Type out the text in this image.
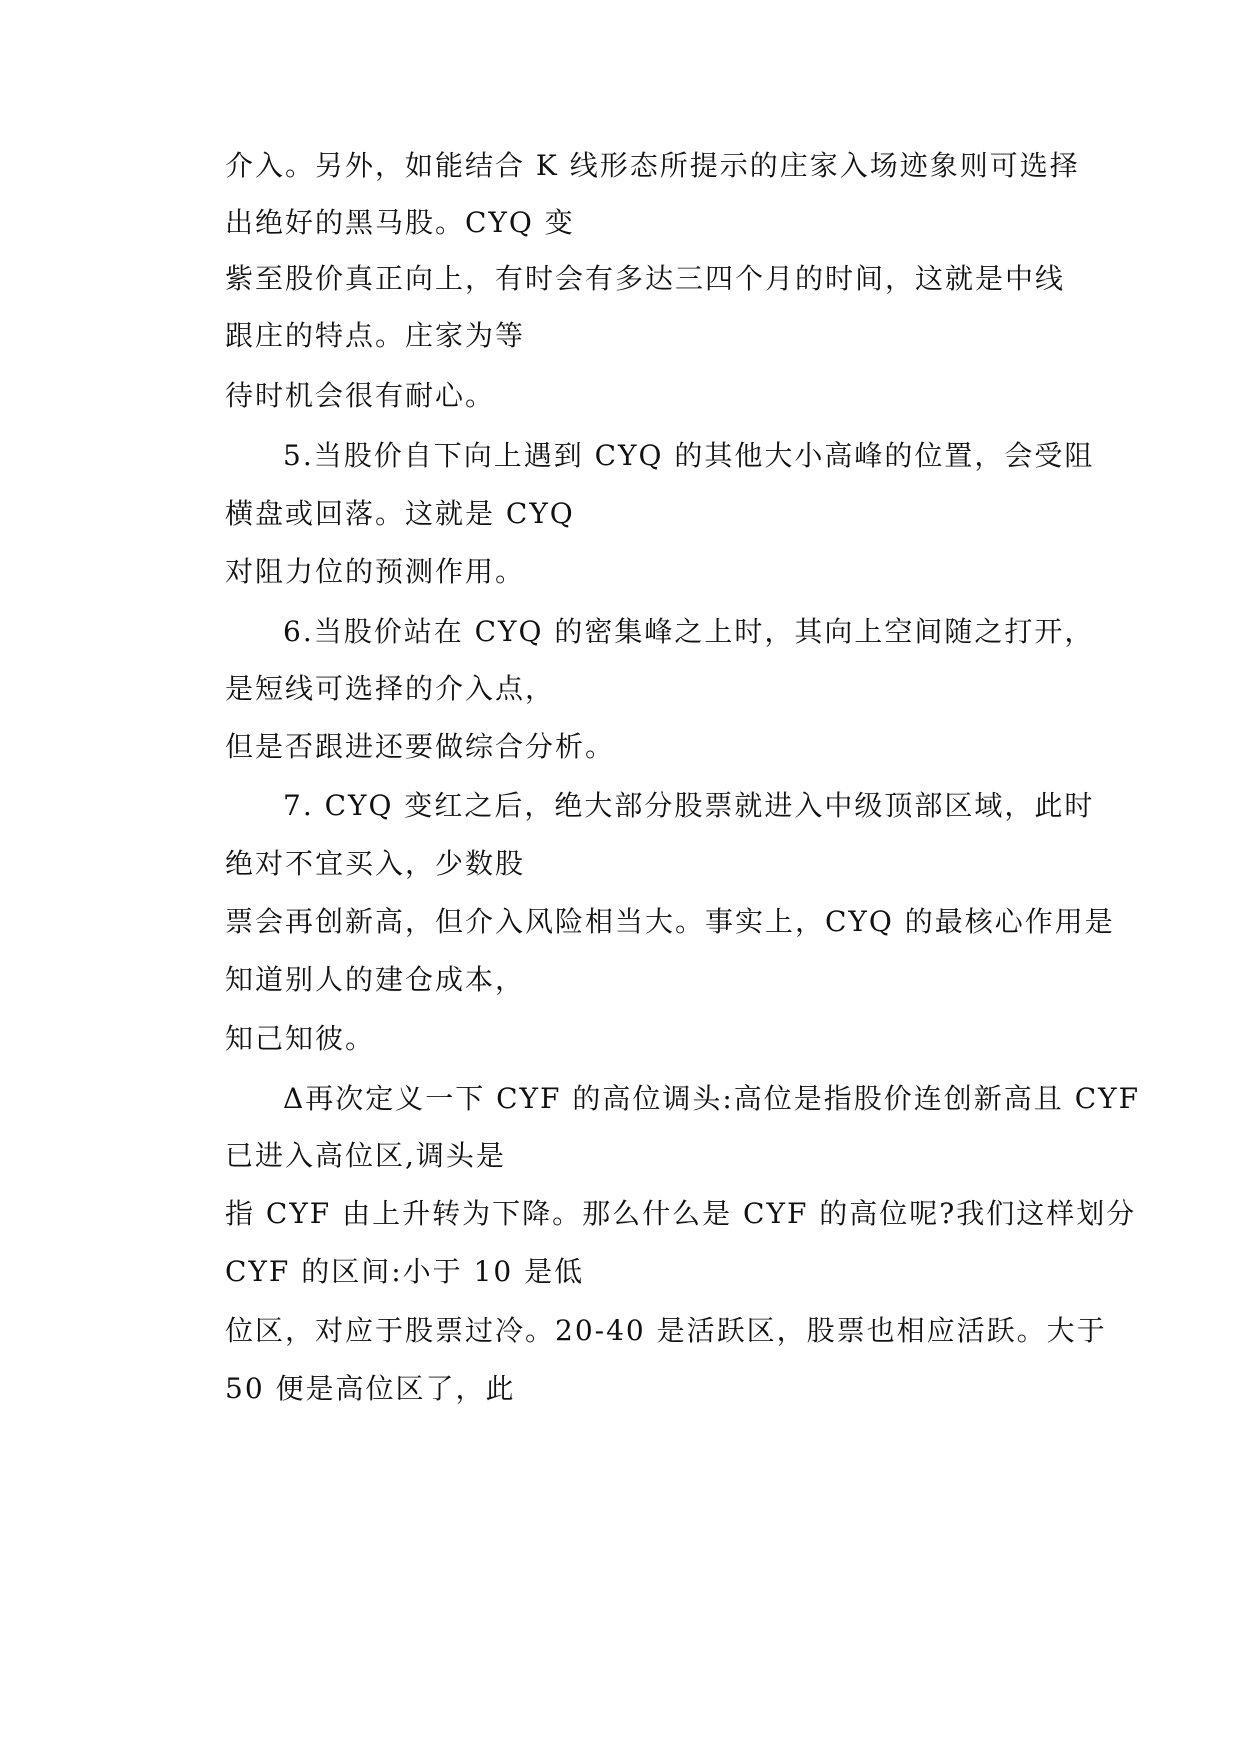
介入。另外，如能结合 K 线形态所提示的庄家入场迹象则可选择

出绝好的黑马股。CYQ 变

紫至股价真正向上，有时会有多达三四个月的时间，这就是中线

跟庄的特点。庄家为等

待时机会很有耐心。

5.当股价自下向上遇到 CYQ 的其他大小高峰的位置，会受阻

横盘或回落。这就是 CYQ

对阻力位的预测作用。

6.当股价站在 CYQ 的密集峰之上时，其向上空间随之打开，

是短线可选择的介入点，

但是否跟进还要做综合分析。

7. CYQ 变红之后，绝大部分股票就进入中级顶部区域，此时

绝对不宜买入，少数股

票会再创新高，但介入风险相当大。事实上，CYQ 的最核心作用是

知道别人的建仓成本，

知己知彼。

Δ再次定义一下 CYF 的高位调头:高位是指股价连创新高且 CYF

已进入高位区,调头是

指 CYF 由上升转为下降。那么什么是 CYF 的高位呢?我们这样划分

CYF 的区间:小于 10 是低

位区，对应于股票过冷。20-40 是活跃区，股票也相应活跃。大于

50 便是高位区了，此
